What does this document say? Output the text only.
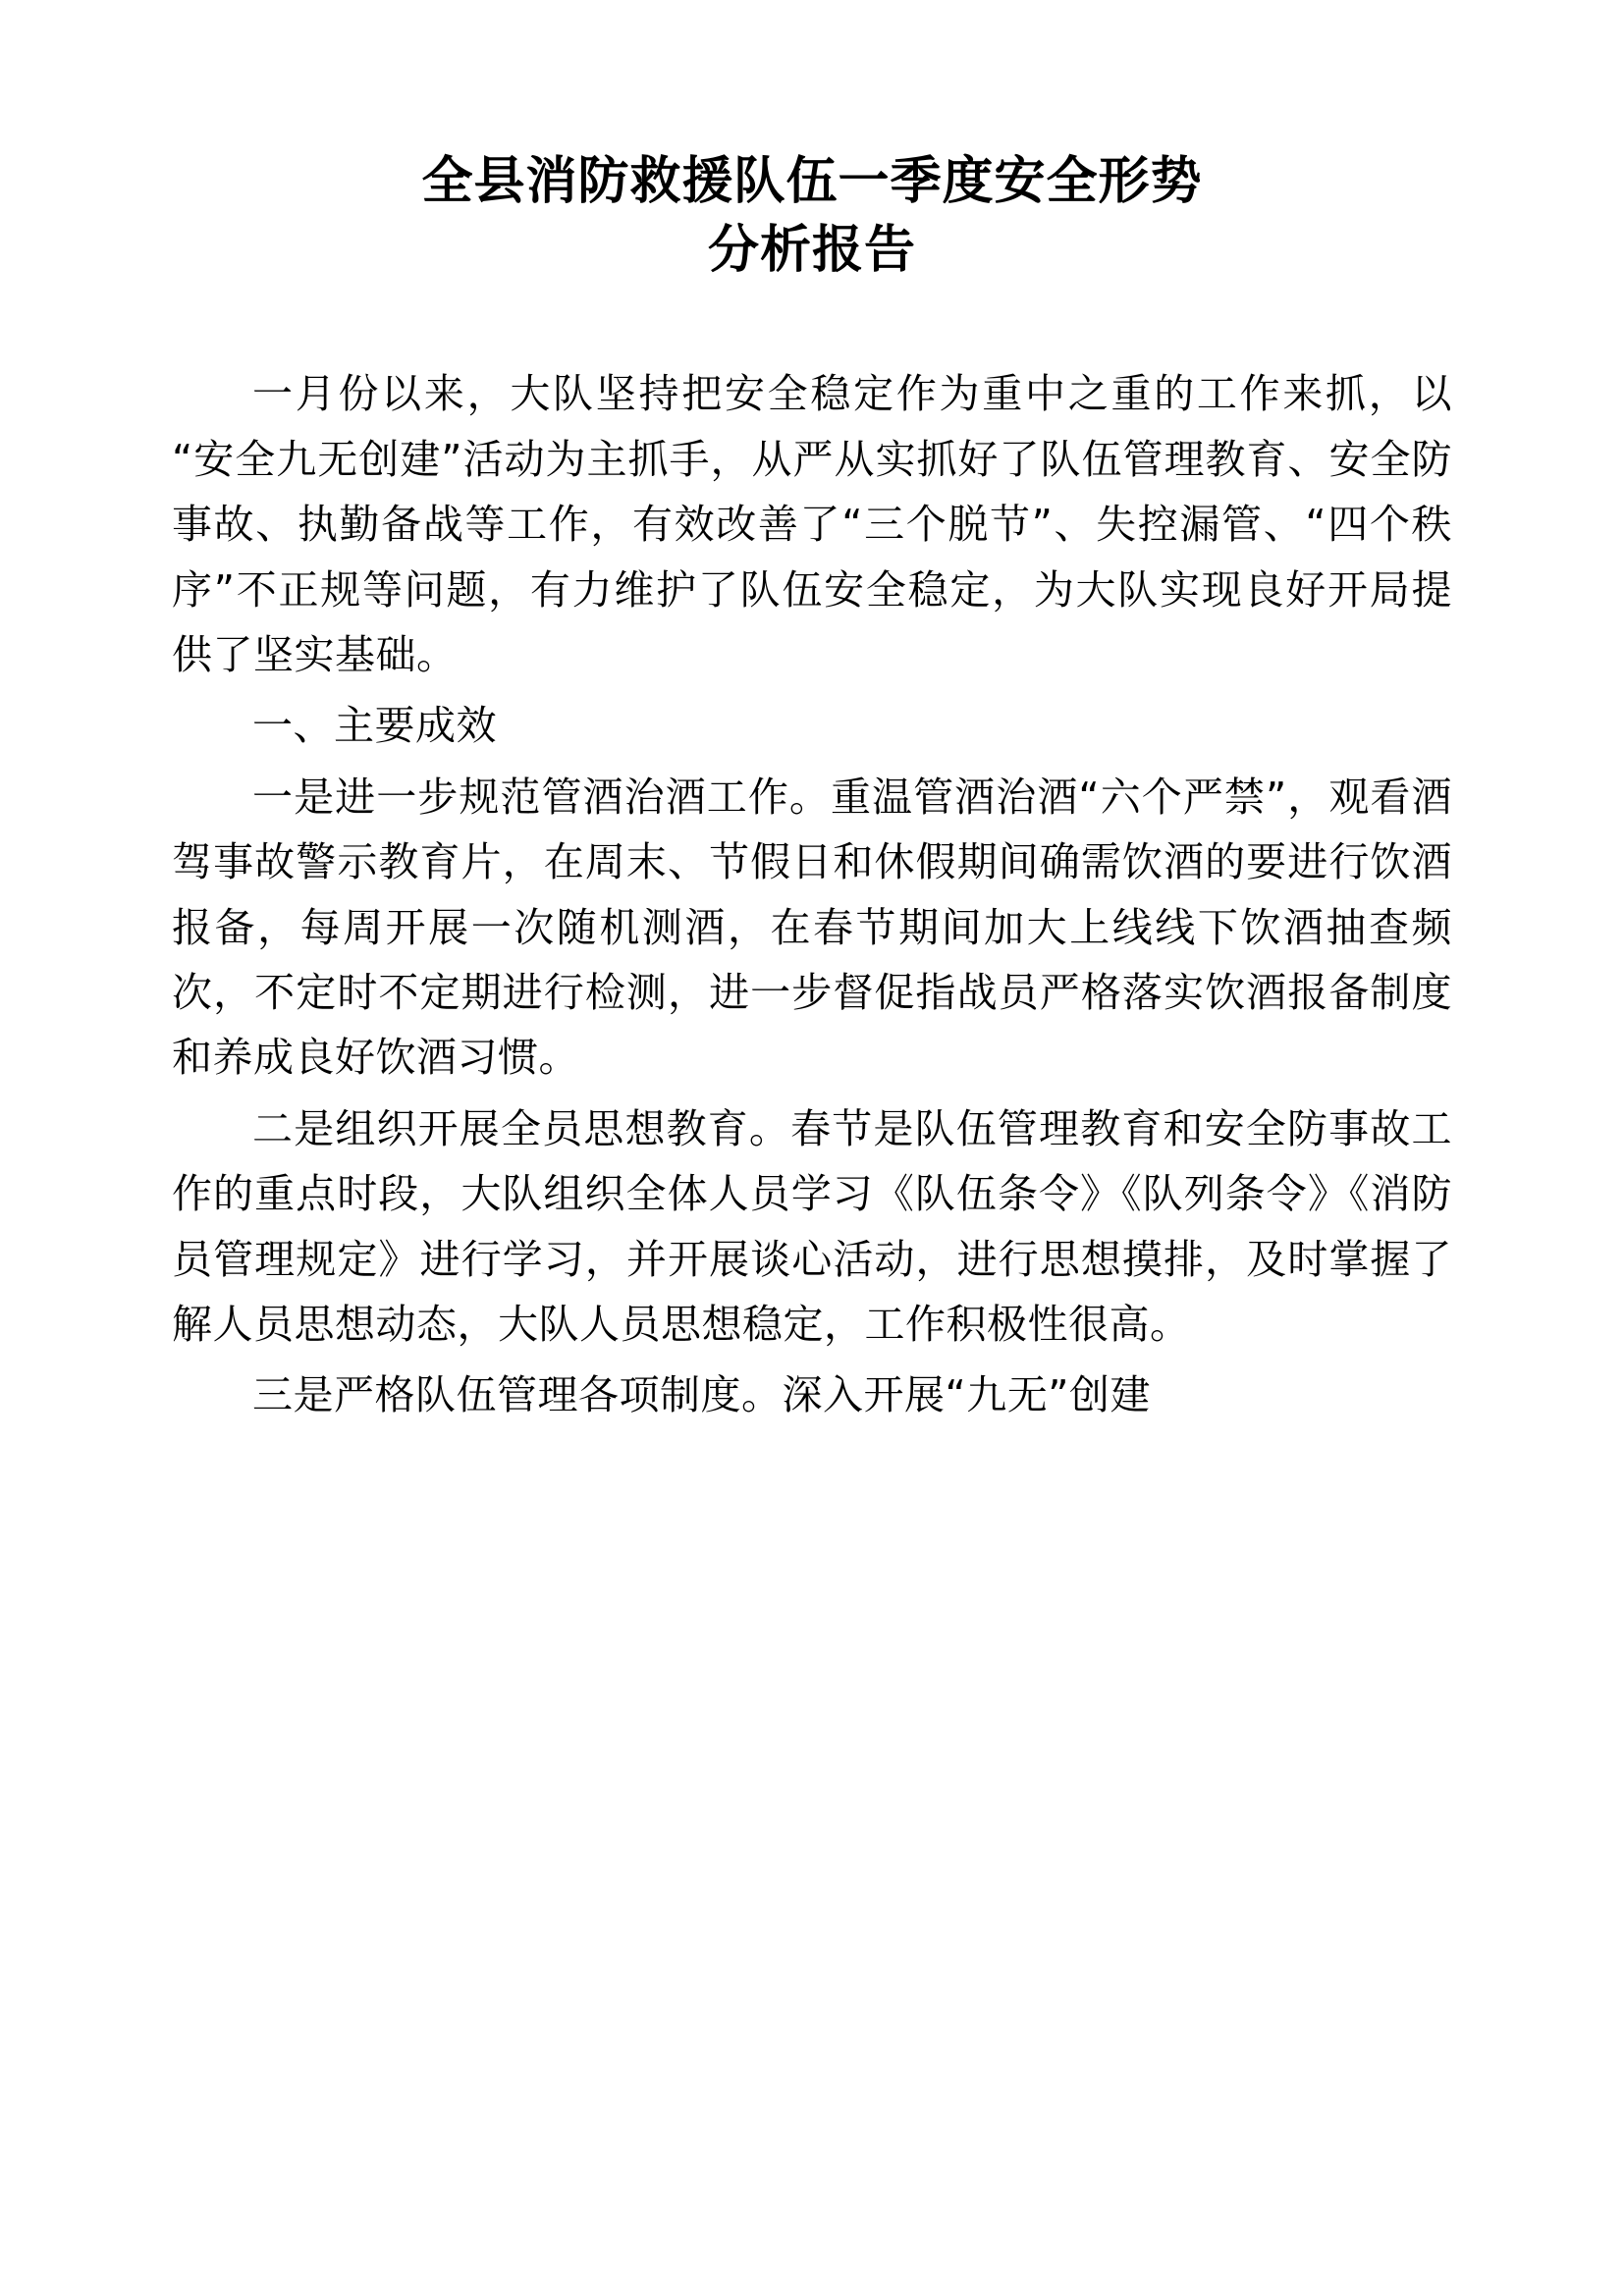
全县消防救援队伍一季度安全形势
分析报告

一月份以来，大队坚持把安全稳定作为重中之重的工作来抓，以“安全九无创建”活动为主抓手，从严从实抓好了队伍管理教育、安全防事故、执勤备战等工作，有效改善了“三个脱节”、失控漏管、“四个秩序”不正规等问题，有力维护了队伍安全稳定，为大队实现良好开局提供了坚实基础。

一、主要成效

一是进一步规范管酒治酒工作。重温管酒治酒“六个严禁”，观看酒驾事故警示教育片，在周末、节假日和休假期间确需饮酒的要进行饮酒报备，每周开展一次随机测酒，在春节期间加大上线线下饮酒抽查频次，不定时不定期进行检测，进一步督促指战员严格落实饮酒报备制度和养成良好饮酒习惯。

二是组织开展全员思想教育。春节是队伍管理教育和安全防事故工作的重点时段，大队组织全体人员学习《队伍条令》《队列条令》《消防员管理规定》进行学习，并开展谈心活动，进行思想摸排，及时掌握了解人员思想动态，大队人员思想稳定，工作积极性很高。

三是严格队伍管理各项制度。深入开展“九无”创建
